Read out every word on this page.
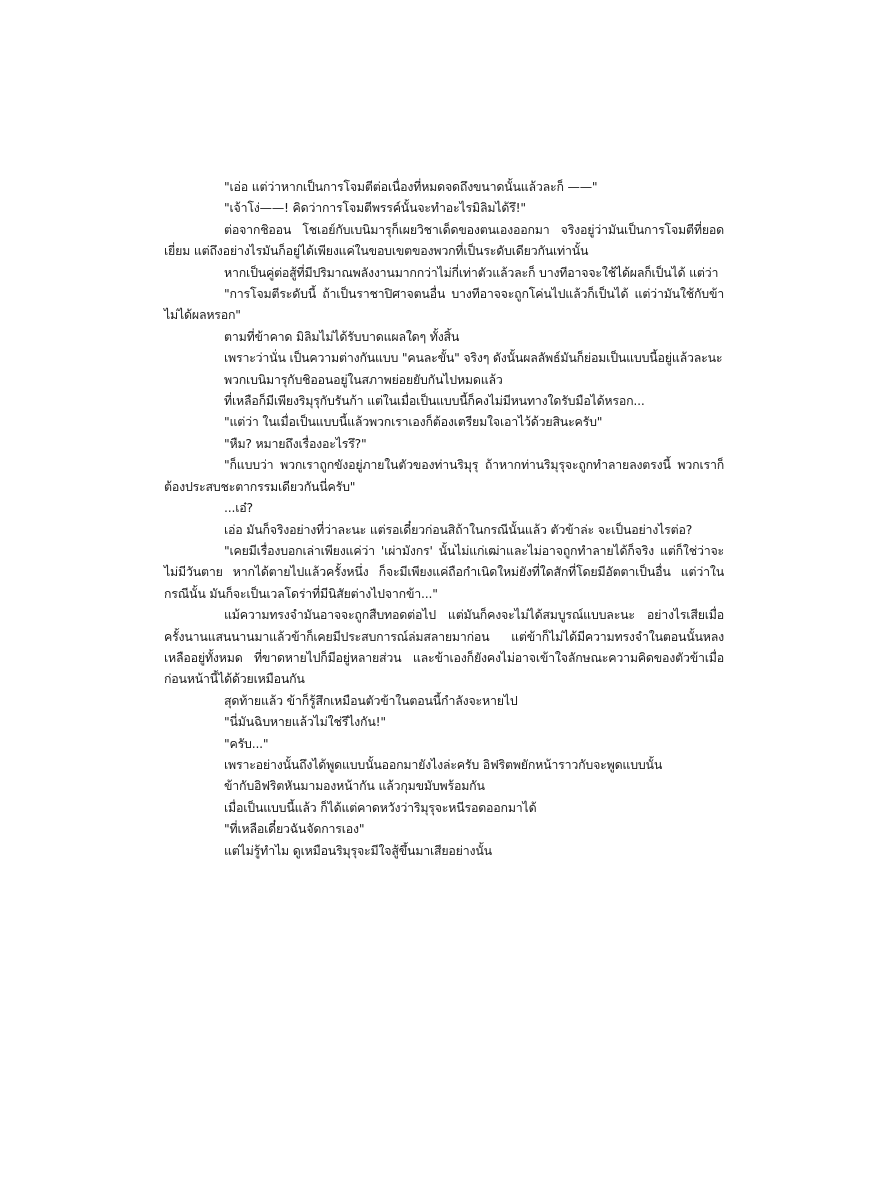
"เอ่อ แต่ว่าหากเป็นการโจมตีต่อเนื่องที่หมดจดถึงขนาดนั้นแล้วละก็ ——"

"เจ้าโง่——! คิดว่าการโจมตีพรรค์นั้นจะทำอะไรมิลิมได้รึ!"

ต่อจากชิออน โชเอย์กับเบนิมารุก็เผยวิชาเด็ดของตนเองออกมา จริงอยู่ว่ามันเป็นการโจมตีที่ยอดเยี่ยม แต่ถึงอย่างไรมันก็อยู่ได้เพียงแค่ในขอบเขตของพวกที่เป็นระดับเดียวกันเท่านั้น

หากเป็นคู่ต่อสู้ที่มีปริมาณพลังงานมากกว่าไม่กี่เท่าตัวแล้วละก็ บางทีอาจจะใช้ได้ผลก็เป็นได้ แต่ว่า

"การโจมตีระดับนี้ ถ้าเป็นราชาปิศาจตนอื่น บางทีอาจจะถูกโค่นไปแล้วก็เป็นได้ แต่ว่ามันใช้กับข้าไม่ได้ผลหรอก"

ตามที่ข้าคาด มิลิมไม่ได้รับบาดแผลใดๆ ทั้งสิ้น

เพราะว่านั่น เป็นความต่างกันแบบ "คนละขั้น" จริงๆ ดังนั้นผลลัพธ์มันก็ย่อมเป็นแบบนี้อยู่แล้วละนะ

พวกเบนิมารุกับชิออนอยู่ในสภาพย่อยยับกันไปหมดแล้ว

ที่เหลือก็มีเพียงริมุรุกับรันก้า แต่ในเมื่อเป็นแบบนี้ก็คงไม่มีหนทางใดรับมือได้หรอก...

"แต่ว่า ในเมื่อเป็นแบบนี้แล้วพวกเราเองก็ต้องเตรียมใจเอาไว้ด้วยสินะครับ"

"หืม? หมายถึงเรื่องอะไรรึ?"

"ก็แบบว่า พวกเราถูกขังอยู่ภายในตัวของท่านริมุรุ ถ้าหากท่านริมุรุจะถูกทำลายลงตรงนี้ พวกเราก็ต้องประสบชะตากรรมเดียวกันนี่ครับ"

...เอ๋?

เอ่อ มันก็จริงอย่างที่ว่าละนะ แต่รอเดี๋ยวก่อนสิถ้าในกรณีนั้นแล้ว ตัวข้าล่ะ จะเป็นอย่างไรต่อ?

"เคยมีเรื่องบอกเล่าเพียงแค่ว่า 'เผ่ามังกร' นั้นไม่แก่เฒ่าและไม่อาจถูกทำลายได้ก็จริง แต่ก็ใช่ว่าจะไม่มีวันตาย หากได้ตายไปแล้วครั้งหนึ่ง ก็จะมีเพียงแค่ถือกำเนิดใหม่ยังที่ใดสักที่โดยมีอัตตาเป็นอื่น แต่ว่าในกรณีนั้น มันก็จะเป็นเวลโดร่าที่มีนิสัยต่างไปจากข้า..."

แม้ความทรงจำมันอาจจะถูกสืบทอดต่อไป แต่มันก็คงจะไม่ได้สมบูรณ์แบบละนะ อย่างไรเสียเมื่อครั้งนานแสนนานมาแล้วข้าก็เคยมีประสบการณ์ล่มสลายมาก่อน แต่ข้าก็ไม่ได้มีความทรงจำในตอนนั้นหลงเหลืออยู่ทั้งหมด ที่ขาดหายไปก็มีอยู่หลายส่วน และข้าเองก็ยังคงไม่อาจเข้าใจลักษณะความคิดของตัวข้าเมื่อก่อนหน้านี้ได้ด้วยเหมือนกัน

สุดท้ายแล้ว ข้าก็รู้สึกเหมือนตัวข้าในตอนนี้กำลังจะหายไป

"นี่มันฉิบหายแล้วไม่ใช่รึไงกัน!"

"ครับ..."

เพราะอย่างนั้นถึงได้พูดแบบนั้นออกมายังไงล่ะครับ อิฟริตพยักหน้าราวกับจะพูดแบบนั้น

ข้ากับอิฟริตหันมามองหน้ากัน แล้วกุมขมับพร้อมกัน

เมื่อเป็นแบบนี้แล้ว ก็ได้แต่คาดหวังว่าริมุรุจะหนีรอดออกมาได้

"ที่เหลือเดี๋ยวฉันจัดการเอง"

แต่ไม่รู้ทำไม ดูเหมือนริมุรุจะมีใจสู้ขึ้นมาเสียอย่างนั้น
